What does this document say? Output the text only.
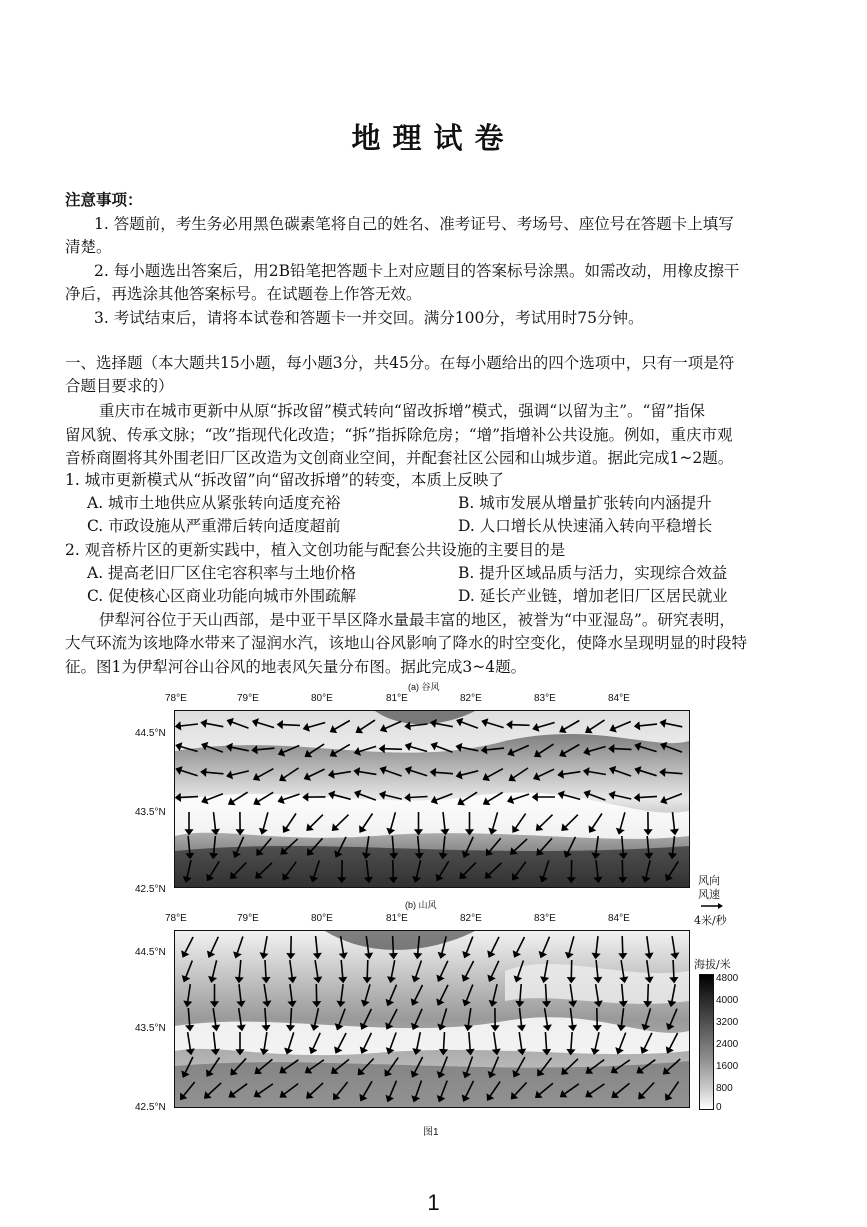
地理试卷
注意事项：
1. 答题前，考生务必用黑色碳素笔将自己的姓名、准考证号、考场号、座位号在答题卡上填写
清楚。
2. 每小题选出答案后，用2B铅笔把答题卡上对应题目的答案标号涂黑。如需改动，用橡皮擦干
净后，再选涂其他答案标号。在试题卷上作答无效。
3. 考试结束后，请将本试卷和答题卡一并交回。满分100分，考试用时75分钟。
一、选择题（本大题共15小题，每小题3分，共45分。在每小题给出的四个选项中，只有一项是符
合题目要求的）
重庆市在城市更新中从原“拆改留”模式转向“留改拆增”模式，强调“以留为主”。“留”指保
留风貌、传承文脉；“改”指现代化改造；“拆”指拆除危房；“增”指增补公共设施。例如，重庆市观
音桥商圈将其外围老旧厂区改造为文创商业空间，并配套社区公园和山城步道。据此完成1~2题。
1. 城市更新模式从“拆改留”向“留改拆增”的转变，本质上反映了
A. 城市土地供应从紧张转向适度充裕	B. 城市发展从增量扩张转向内涵提升
C. 市政设施从严重滞后转向适度超前	D. 人口增长从快速涌入转向平稳增长
2. 观音桥片区的更新实践中，植入文创功能与配套公共设施的主要目的是
A. 提高老旧厂区住宅容积率与土地价格	B. 提升区域品质与活力，实现综合效益
C. 促使核心区商业功能向城市外围疏解	D. 延长产业链，增加老旧厂区居民就业
伊犁河谷位于天山西部，是中亚干旱区降水量最丰富的地区，被誉为“中亚湿岛”。研究表明，
大气环流为该地降水带来了湿润水汽，该地山谷风影响了降水的时空变化，使降水呈现明显的时段特
征。图1为伊犁河谷山谷风的地表风矢量分布图。据此完成3~4题。
(a) 谷风
78°E	79°E	80°E	81°E	82°E	83°E	84°E
44.5°N
43.5°N
42.5°N
风向
风速
4米/秒
(b) 山风
78°E	79°E	80°E	81°E	82°E	83°E	84°E
44.5°N
43.5°N
42.5°N
海拔/米
4800
4000
3200
2400
1600
800
0
图1
1
